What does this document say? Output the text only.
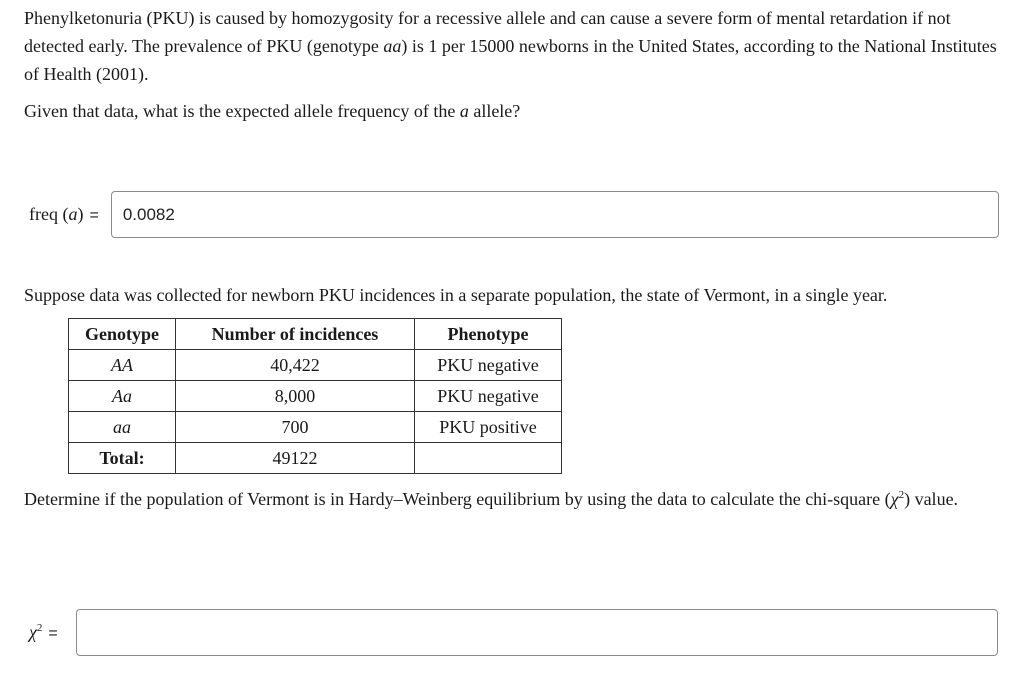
Phenylketonuria (PKU) is caused by homozygosity for a recessive allele and can cause a severe form of mental retardation if not detected early. The prevalence of PKU (genotype aa) is 1 per 15000 newborns in the United States, according to the National Institutes of Health (2001).

Given that data, what is the expected allele frequency of the a allele?

freq (a) =
0.0082

Suppose data was collected for newborn PKU incidences in a separate population, the state of Vermont, in a single year.

Genotype	Number of incidences	Phenotype
AA	40,422	PKU negative
Aa	8,000	PKU negative
aa	700	PKU positive
Total:	49122	

Determine if the population of Vermont is in Hardy–Weinberg equilibrium by using the data to calculate the chi-square $(\chi^2)$ value.

$\chi^2$ =
